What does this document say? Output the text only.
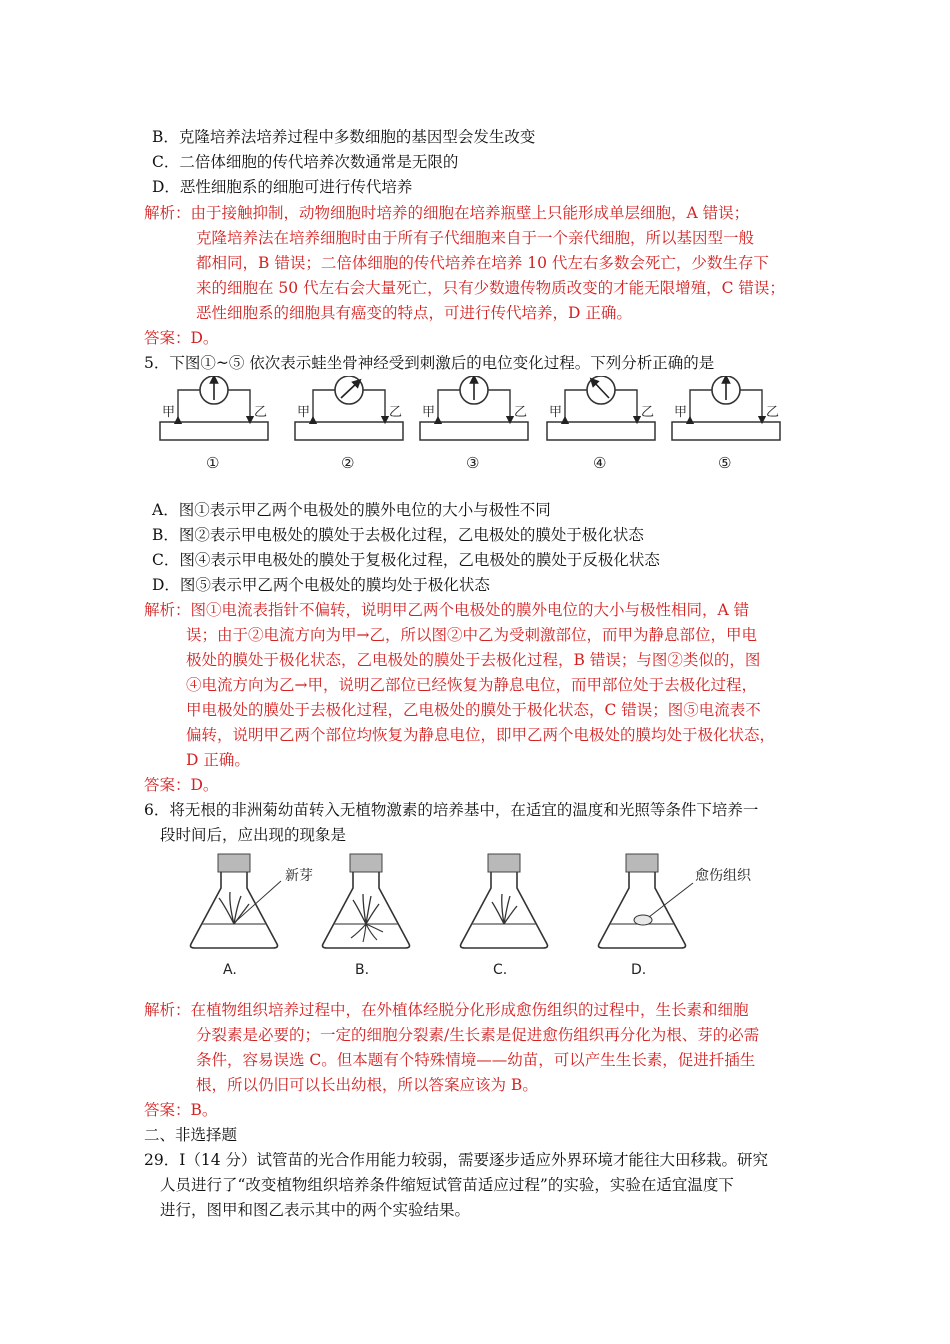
B．克隆培养法培养过程中多数细胞的基因型会发生改变
C．二倍体细胞的传代培养次数通常是无限的
D．恶性细胞系的细胞可进行传代培养
解析：由于接触抑制，动物细胞时培养的细胞在培养瓶壁上只能形成单层细胞，A 错误；
克隆培养法在培养细胞时由于所有子代细胞来自于一个亲代细胞，所以基因型一般
都相同，B 错误；二倍体细胞的传代培养在培养 10 代左右多数会死亡，少数生存下
来的细胞在 50 代左右会大量死亡，只有少数遗传物质改变的才能无限增殖，C 错误；
恶性细胞系的细胞具有癌变的特点，可进行传代培养，D 正确。
答案：D。
5．下图①~⑤ 依次表示蛙坐骨神经受到刺激后的电位变化过程。下列分析正确的是
甲	乙
①
甲	乙
②
甲	乙
③
甲	乙
④
甲	乙
⑤
A．图①表示甲乙两个电极处的膜外电位的大小与极性不同
B．图②表示甲电极处的膜处于去极化过程，乙电极处的膜处于极化状态
C．图④表示甲电极处的膜处于复极化过程，乙电极处的膜处于反极化状态
D．图⑤表示甲乙两个电极处的膜均处于极化状态
解析：图①电流表指针不偏转，说明甲乙两个电极处的膜外电位的大小与极性相同，A 错
误；由于②电流方向为甲→乙，所以图②中乙为受刺激部位，而甲为静息部位，甲电
极处的膜处于极化状态，乙电极处的膜处于去极化过程，B 错误；与图②类似的，图
④电流方向为乙→甲，说明乙部位已经恢复为静息电位，而甲部位处于去极化过程，
甲电极处的膜处于去极化过程，乙电极处的膜处于极化状态，C 错误；图⑤电流表不
偏转，说明甲乙两个部位均恢复为静息电位，即甲乙两个电极处的膜均处于极化状态，
D 正确。
答案：D。
6．将无根的非洲菊幼苗转入无植物激素的培养基中，在适宜的温度和光照等条件下培养一
段时间后，应出现的现象是
新芽
A.	B.	C.
愈伤组织
D.
解析：在植物组织培养过程中，在外植体经脱分化形成愈伤组织的过程中，生长素和细胞
分裂素是必要的；一定的细胞分裂素/生长素是促进愈伤组织再分化为根、芽的必需
条件，容易误选 C。但本题有个特殊情境——幼苗，可以产生生长素，促进扦插生
根，所以仍旧可以长出幼根，所以答案应该为 B。
答案：B。
二、非选择题
29．I（14 分）试管苗的光合作用能力较弱，需要逐步适应外界环境才能往大田移栽。研究
人员进行了“改变植物组织培养条件缩短试管苗适应过程”的实验，实验在适宜温度下
进行，图甲和图乙表示其中的两个实验结果。
